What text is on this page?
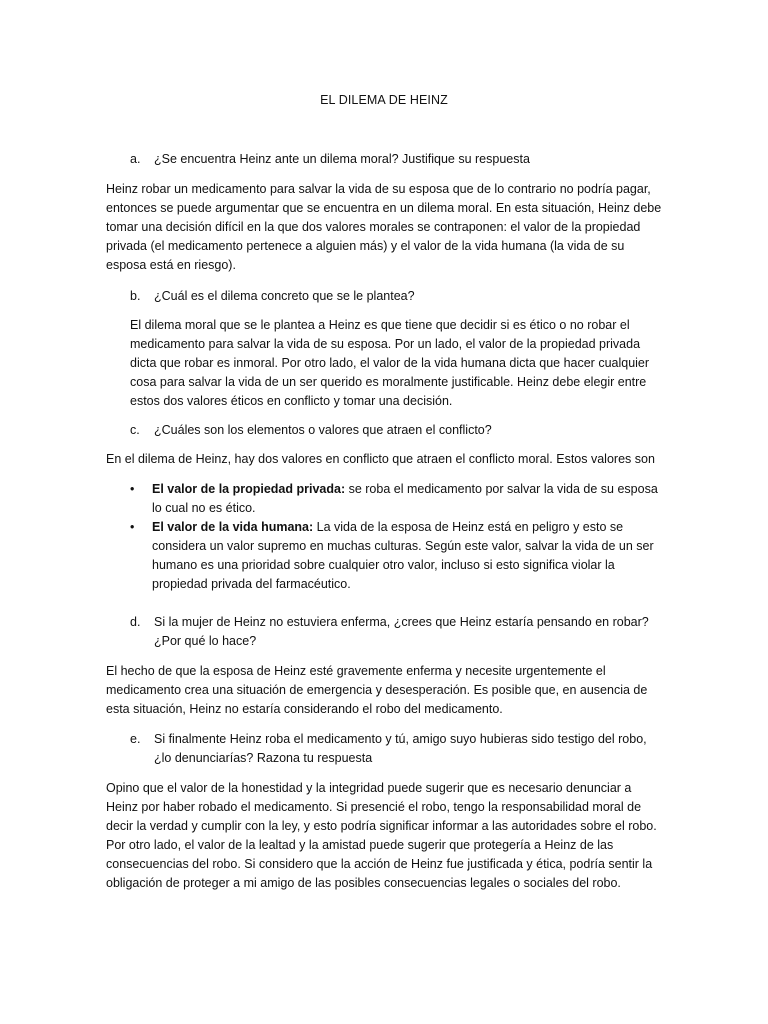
EL DILEMA DE HEINZ
a.	¿Se encuentra Heinz ante un dilema moral? Justifique su respuesta

Heinz robar un medicamento para salvar la vida de su esposa que de lo contrario no podría pagar, entonces se puede argumentar que se encuentra en un dilema moral. En esta situación, Heinz debe tomar una decisión difícil en la que dos valores morales se contraponen: el valor de la propiedad privada (el medicamento pertenece a alguien más) y el valor de la vida humana (la vida de su esposa está en riesgo).

b.	¿Cuál es el dilema concreto que se le plantea?

El dilema moral que se le plantea a Heinz es que tiene que decidir si es ético o no robar el medicamento para salvar la vida de su esposa. Por un lado, el valor de la propiedad privada dicta que robar es inmoral. Por otro lado, el valor de la vida humana dicta que hacer cualquier cosa para salvar la vida de un ser querido es moralmente justificable. Heinz debe elegir entre estos dos valores éticos en conflicto y tomar una decisión.

c.	¿Cuáles son los elementos o valores que atraen el conflicto?

En el dilema de Heinz, hay dos valores en conflicto que atraen el conflicto moral. Estos valores son

•	El valor de la propiedad privada: se roba el medicamento por salvar la vida de su esposa lo cual no es ético.
•	El valor de la vida humana: La vida de la esposa de Heinz está en peligro y esto se considera un valor supremo en muchas culturas. Según este valor, salvar la vida de un ser humano es una prioridad sobre cualquier otro valor, incluso si esto significa violar la propiedad privada del farmacéutico.
d.	Si la mujer de Heinz no estuviera enferma, ¿crees que Heinz estaría pensando en robar? ¿Por qué lo hace?

El hecho de que la esposa de Heinz esté gravemente enferma y necesite urgentemente el medicamento crea una situación de emergencia y desesperación. Es posible que, en ausencia de esta situación, Heinz no estaría considerando el robo del medicamento.

e.	Si finalmente Heinz roba el medicamento y tú, amigo suyo hubieras sido testigo del robo, ¿lo denunciarías? Razona tu respuesta

Opino que el valor de la honestidad y la integridad puede sugerir que es necesario denunciar a Heinz por haber robado el medicamento. Si presencié el robo, tengo la responsabilidad moral de decir la verdad y cumplir con la ley, y esto podría significar informar a las autoridades sobre el robo. Por otro lado, el valor de la lealtad y la amistad puede sugerir que protegería a Heinz de las consecuencias del robo. Si considero que la acción de Heinz fue justificada y ética, podría sentir la obligación de proteger a mi amigo de las posibles consecuencias legales o sociales del robo.
